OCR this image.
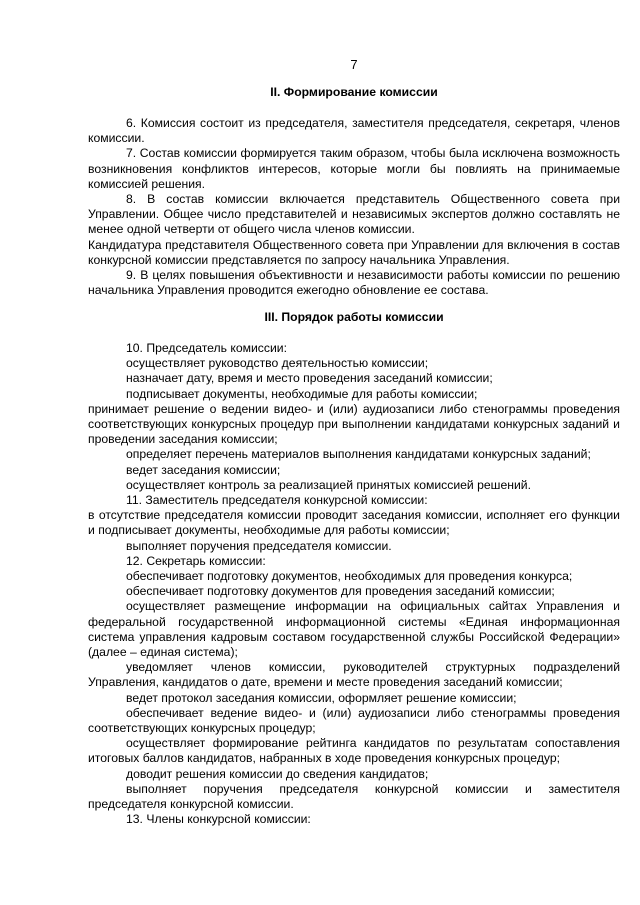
7
II. Формирование комиссии

6. Комиссия состоит из председателя, заместителя председателя, секретаря, членов комиссии.

7. Состав комиссии формируется таким образом, чтобы была исключена возможность возникновения конфликтов интересов, которые могли бы повлиять на принимаемые комиссией решения.

8. В состав комиссии включается представитель Общественного совета при Управлении. Общее число представителей и независимых экспертов должно составлять не менее одной четверти от общего числа членов комиссии.

Кандидатура представителя Общественного совета при Управлении для включения в состав конкурсной комиссии представляется по запросу начальника Управления.

9. В целях повышения объективности и независимости работы комиссии по решению начальника Управления проводится ежегодно обновление ее состава.

III. Порядок работы комиссии

10. Председатель комиссии:

осуществляет руководство деятельностью комиссии;

назначает дату, время и место проведения заседаний комиссии;

подписывает документы, необходимые для работы комиссии;

принимает решение о ведении видео- и (или) аудиозаписи либо стенограммы проведения соответствующих конкурсных процедур при выполнении кандидатами конкурсных заданий и проведении заседания комиссии;

определяет перечень материалов выполнения кандидатами конкурсных заданий;

ведет заседания комиссии;

осуществляет контроль за реализацией принятых комиссией решений.

11. Заместитель председателя конкурсной комиссии:

в отсутствие председателя комиссии проводит заседания комиссии, исполняет его функции и подписывает документы, необходимые для работы комиссии;

выполняет поручения председателя комиссии.

12. Секретарь комиссии:

обеспечивает подготовку документов, необходимых для проведения конкурса;

обеспечивает подготовку документов для проведения заседаний комиссии;

осуществляет размещение информации на официальных сайтах Управления и федеральной государственной информационной системы «Единая информационная система управления кадровым составом государственной службы Российской Федерации» (далее – единая система);

уведомляет членов комиссии, руководителей структурных подразделений Управления, кандидатов о дате, времени и месте проведения заседаний комиссии;

ведет протокол заседания комиссии, оформляет решение комиссии;

обеспечивает ведение видео- и (или) аудиозаписи либо стенограммы проведения соответствующих конкурсных процедур;

осуществляет формирование рейтинга кандидатов по результатам сопоставления итоговых баллов кандидатов, набранных в ходе проведения конкурсных процедур;

доводит решения комиссии до сведения кандидатов;

выполняет поручения председателя конкурсной комиссии и заместителя председателя конкурсной комиссии.

13. Члены конкурсной комиссии:
